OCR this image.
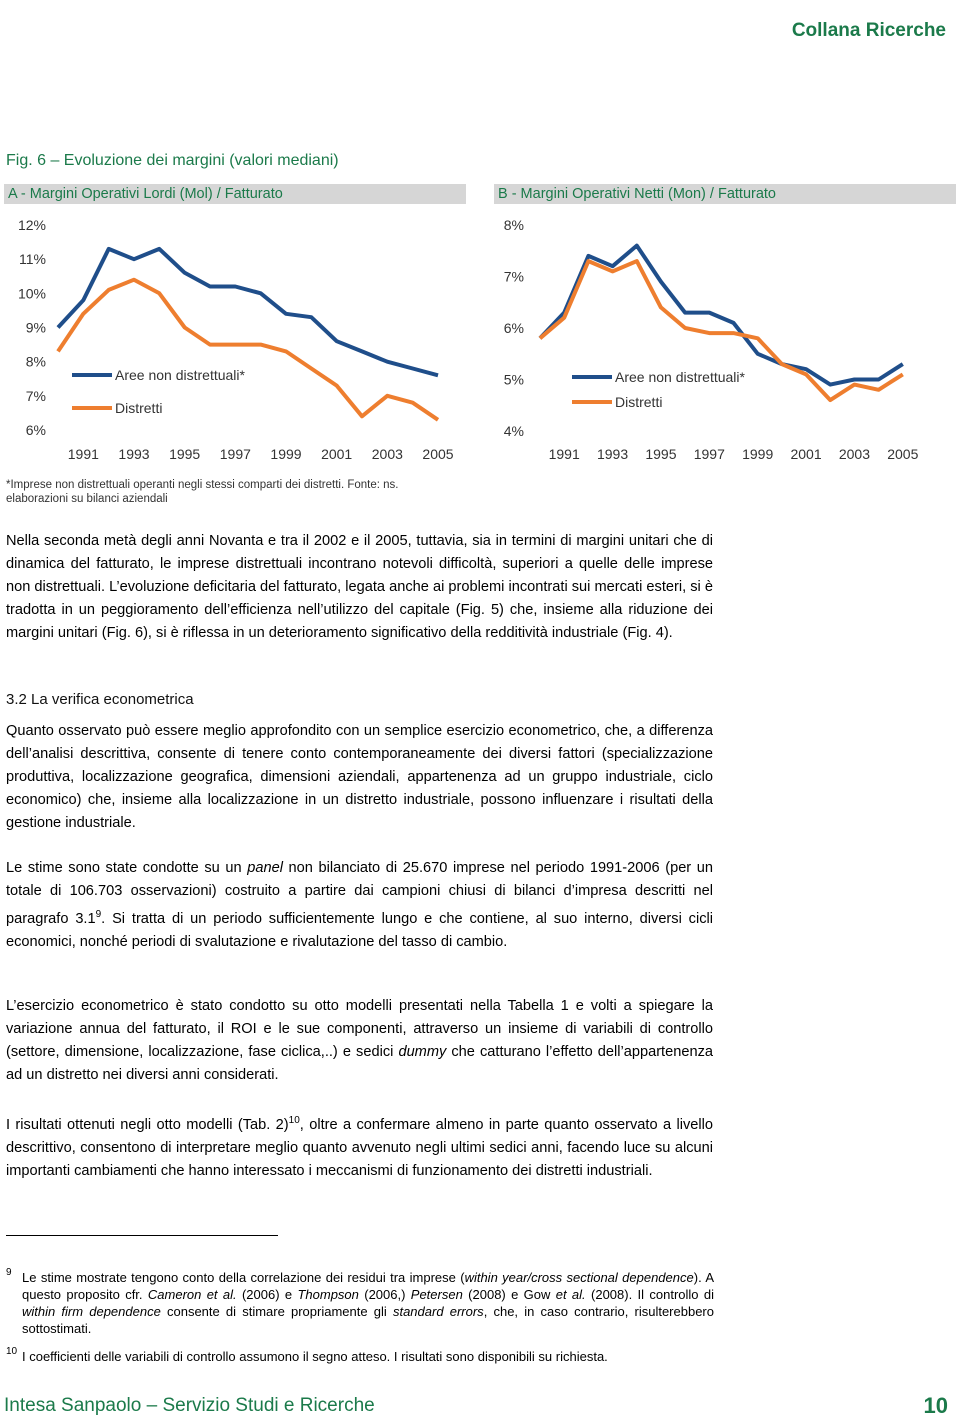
Collana Ricerche
Fig. 6 – Evoluzione dei margini (valori mediani)
A - Margini Operativi Lordi (Mol) / Fatturato	B - Margini Operativi Netti (Mon) / Fatturato
12%
11%
10%
9%
8%
7%
6%
1991 1993 1995 1997 1999 2001 2003 2005
Aree non distrettuali*
Distretti
8%
7%
6%
5%
4%
1991 1993 1995 1997 1999 2001 2003 2005
Aree non distrettuali*
Distretti
*Imprese non distrettuali operanti negli stessi comparti dei distretti. Fonte: ns. elaborazioni su bilanci aziendali
Nella seconda metà degli anni Novanta e tra il 2002 e il 2005, tuttavia, sia in termini di margini unitari che di dinamica del fatturato, le imprese distrettuali incontrano notevoli difficoltà, superiori a quelle delle imprese non distrettuali. L’evoluzione deficitaria del fatturato, legata anche ai problemi incontrati sui mercati esteri, si è tradotta in un peggioramento dell’efficienza nell’utilizzo del capitale (Fig. 5) che, insieme alla riduzione dei margini unitari (Fig. 6), si è riflessa in un deterioramento significativo della redditività industriale (Fig. 4).
3.2 La verifica econometrica
Quanto osservato può essere meglio approfondito con un semplice esercizio econometrico, che, a differenza dell’analisi descrittiva, consente di tenere conto contemporaneamente dei diversi fattori (specializzazione produttiva, localizzazione geografica, dimensioni aziendali, appartenenza ad un gruppo industriale, ciclo economico) che, insieme alla localizzazione in un distretto industriale, possono influenzare i risultati della gestione industriale.
Le stime sono state condotte su un panel non bilanciato di 25.670 imprese nel periodo 1991-2006 (per un totale di 106.703 osservazioni) costruito a partire dai campioni chiusi di bilanci d’impresa descritti nel paragrafo $3.1^9$. Si tratta di un periodo sufficientemente lungo e che contiene, al suo interno, diversi cicli economici, nonché periodi di svalutazione e rivalutazione del tasso di cambio.
L’esercizio econometrico è stato condotto su otto modelli presentati nella Tabella 1 e volti a spiegare la variazione annua del fatturato, il ROI e le sue componenti, attraverso un insieme di variabili di controllo (settore, dimensione, localizzazione, fase ciclica,..) e sedici dummy che catturano l’effetto dell’appartenenza ad un distretto nei diversi anni considerati.
I risultati ottenuti negli otto modelli (Tab. 2)$^{10}$, oltre a confermare almeno in parte quanto osservato a livello descrittivo, consentono di interpretare meglio quanto avvenuto negli ultimi sedici anni, facendo luce su alcuni importanti cambiamenti che hanno interessato i meccanismi di funzionamento dei distretti industriali.
9 Le stime mostrate tengono conto della correlazione dei residui tra imprese (within year/cross sectional dependence). A questo proposito cfr. Cameron et al. (2006) e Thompson (2006,) Petersen (2008) e Gow et al. (2008). Il controllo di within firm dependence consente di stimare propriamente gli standard errors, che, in caso contrario, risulterebbero sottostimati.
10 I coefficienti delle variabili di controllo assumono il segno atteso. I risultati sono disponibili su richiesta.
Intesa Sanpaolo – Servizio Studi e Ricerche	10
